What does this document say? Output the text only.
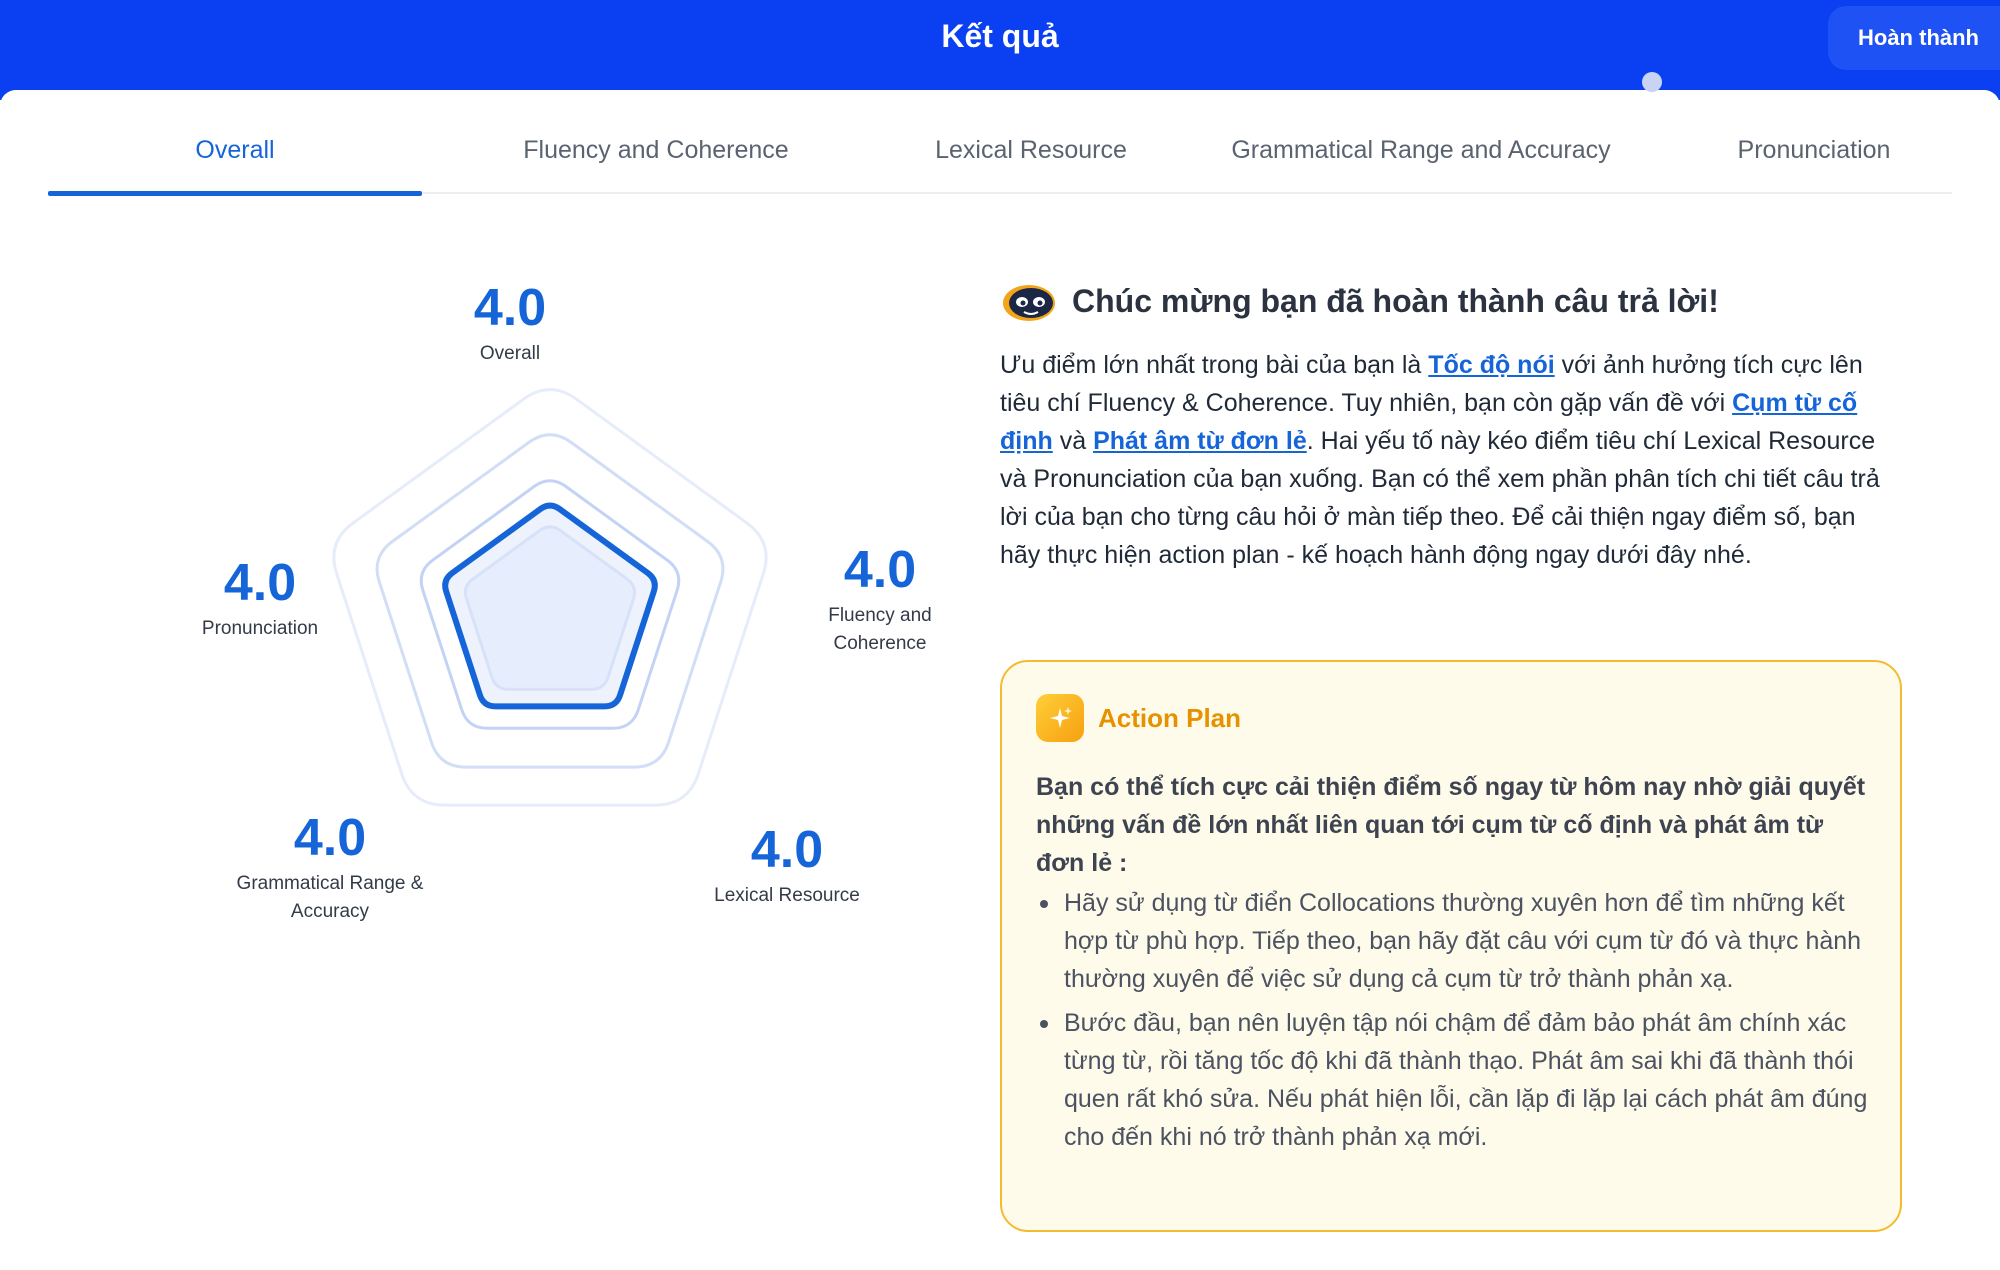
Kết quả	Hoàn thành
Overall	Fluency and Coherence	Lexical Resource	Grammatical Range and Accuracy	Pronunciation
4.0
Overall
4.0
Fluency and
Coherence
4.0
Lexical Resource
4.0
Grammatical Range &
Accuracy
4.0
Pronunciation
Chúc mừng bạn đã hoàn thành câu trả lời!

Ưu điểm lớn nhất trong bài của bạn là Tốc độ nói với ảnh hưởng tích cực lên tiêu chí Fluency & Coherence. Tuy nhiên, bạn còn gặp vấn đề với Cụm từ cố định và Phát âm từ đơn lẻ. Hai yếu tố này kéo điểm tiêu chí Lexical Resource và Pronunciation của bạn xuống. Bạn có thể xem phần phân tích chi tiết câu trả lời của bạn cho từng câu hỏi ở màn tiếp theo. Để cải thiện ngay điểm số, bạn hãy thực hiện action plan - kế hoạch hành động ngay dưới đây nhé.

Action Plan
Bạn có thể tích cực cải thiện điểm số ngay từ hôm nay nhờ giải quyết những vấn đề lớn nhất liên quan tới cụm từ cố định và phát âm từ đơn lẻ :
Hãy sử dụng từ điển Collocations thường xuyên hơn để tìm những kết hợp từ phù hợp. Tiếp theo, bạn hãy đặt câu với cụm từ đó và thực hành thường xuyên để việc sử dụng cả cụm từ trở thành phản xạ.
Bước đầu, bạn nên luyện tập nói chậm để đảm bảo phát âm chính xác từng từ, rồi tăng tốc độ khi đã thành thạo. Phát âm sai khi đã thành thói quen rất khó sửa. Nếu phát hiện lỗi, cần lặp đi lặp lại cách phát âm đúng cho đến khi nó trở thành phản xạ mới.
